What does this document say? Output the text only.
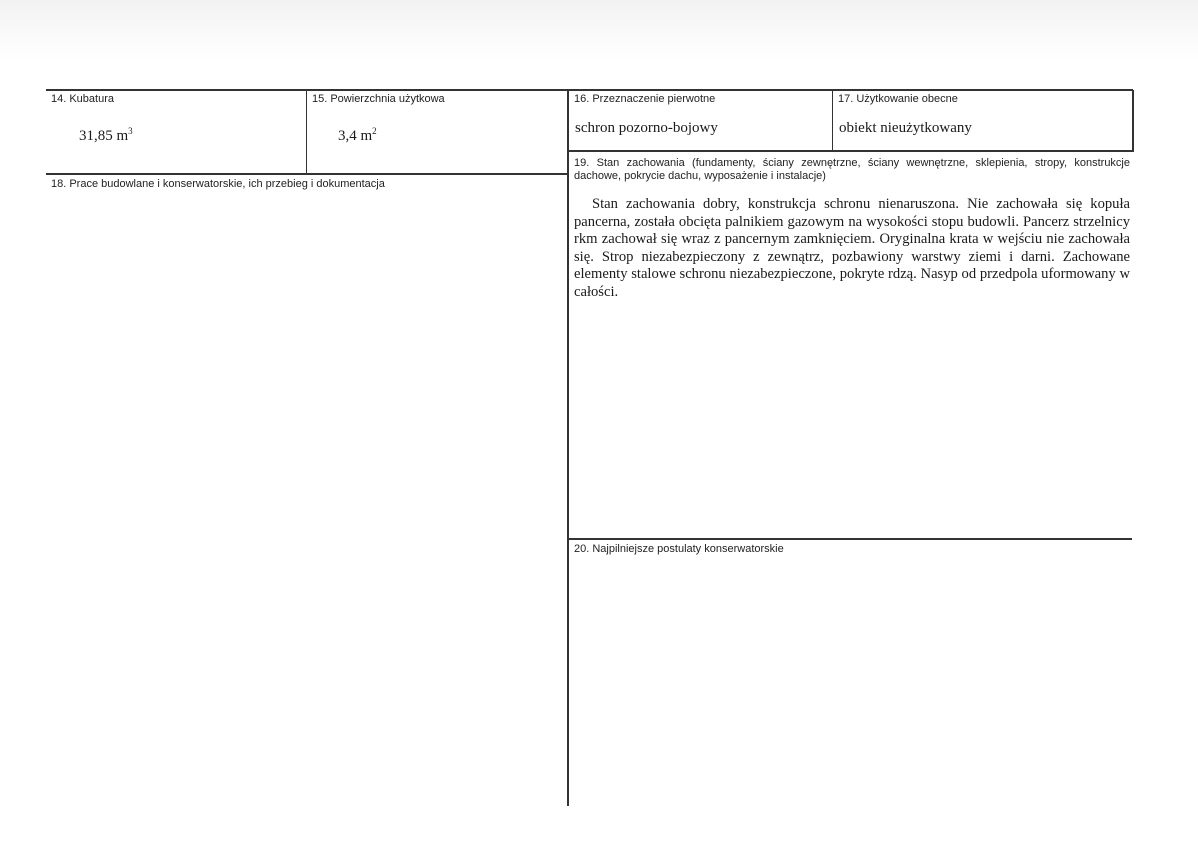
14. Kubatura
31,85 $m^3$
15. Powierzchnia użytkowa
3,4 $m^2$
16. Przeznaczenie pierwotne
schron pozorno-bojowy
17. Użytkowanie obecne
obiekt nieużytkowany
18. Prace budowlane i konserwatorskie, ich przebieg i dokumentacja
19. Stan zachowania (fundamenty, ściany zewnętrzne, ściany wewnętrzne, sklepienia, stropy, konstrukcje dachowe, pokrycie dachu, wyposażenie i instalacje)
Stan zachowania dobry, konstrukcja schronu nienaruszona. Nie zachowała się kopuła pancerna, została obcięta palnikiem gazowym na wysokości stopu budowli. Pancerz strzelnicy rkm zachował się wraz z pancernym zamknięciem. Oryginalna krata w wejściu nie zachowała się. Strop niezabezpieczony z zewnątrz, pozbawiony warstwy ziemi i darni. Zachowane elementy stalowe schronu niezabezpieczone, pokryte rdzą. Nasyp od przedpola uformowany w całości.
20. Najpilniejsze postulaty konserwatorskie
